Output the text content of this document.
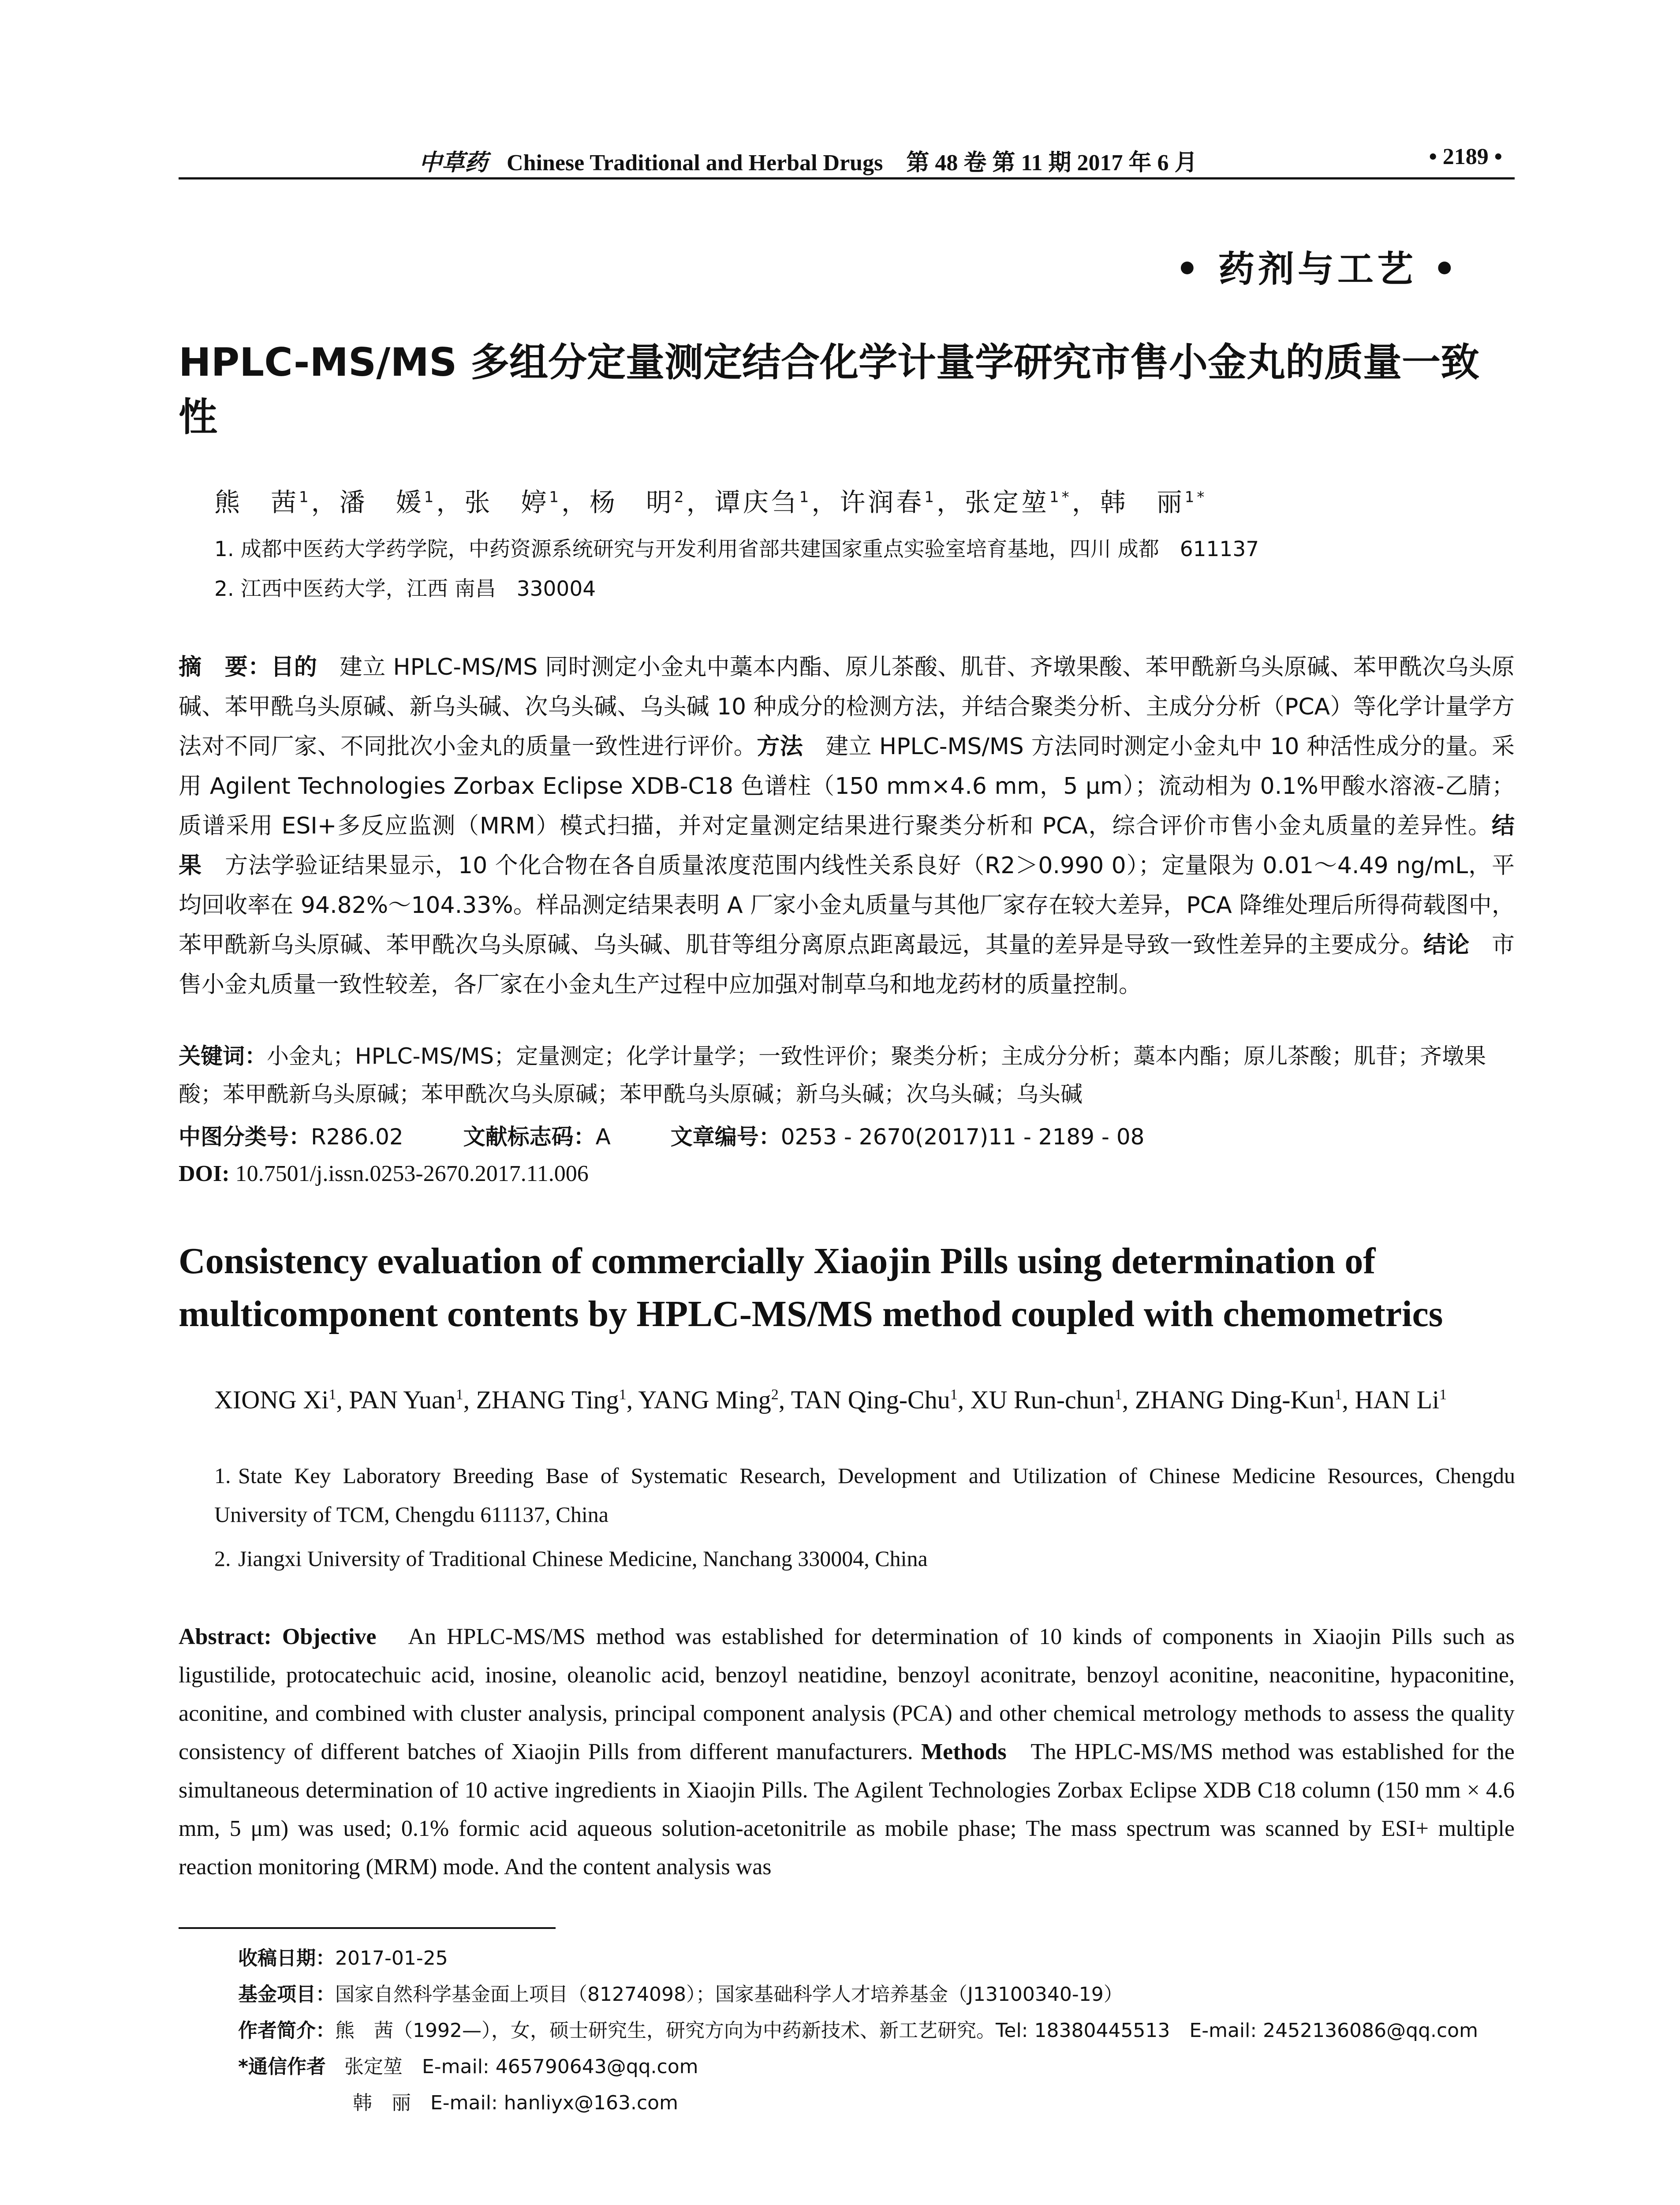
中草药 Chinese Traditional and Herbal Drugs 第 48 卷 第 11 期 2017 年 6 月	• 2189 •
• 药剂与工艺 •
HPLC-MS/MS 多组分定量测定结合化学计量学研究市售小金丸的质量一致性
熊　茜$^1$，潘　媛$^1$，张　婷$^1$，杨　明$^2$，谭庆刍$^1$，许润春$^1$，张定堃$^{1*}$，韩　丽$^{1*}$
1. 成都中医药大学药学院，中药资源系统研究与开发利用省部共建国家重点实验室培育基地，四川 成都　611137
2. 江西中医药大学，江西 南昌　330004
摘　要：目的 建立 HPLC-MS/MS 同时测定小金丸中藁本内酯、原儿茶酸、肌苷、齐墩果酸、苯甲酰新乌头原碱、苯甲酰次乌头原碱、苯甲酰乌头原碱、新乌头碱、次乌头碱、乌头碱 10 种成分的检测方法，并结合聚类分析、主成分分析（PCA）等化学计量学方法对不同厂家、不同批次小金丸的质量一致性进行评价。方法 建立 HPLC-MS/MS 方法同时测定小金丸中 10 种活性成分的量。采用 Agilent Technologies Zorbax Eclipse XDB-C18 色谱柱（150 mm×4.6 mm，5 μm）；流动相为 0.1%甲酸水溶液-乙腈；质谱采用 ESI+多反应监测（MRM）模式扫描，并对定量测定结果进行聚类分析和 PCA，综合评价市售小金丸质量的差异性。结果 方法学验证结果显示，10 个化合物在各自质量浓度范围内线性关系良好（R2＞0.990 0）；定量限为 0.01～4.49 ng/mL，平均回收率在 94.82%～104.33%。样品测定结果表明 A 厂家小金丸质量与其他厂家存在较大差异，PCA 降维处理后所得荷载图中，苯甲酰新乌头原碱、苯甲酰次乌头原碱、乌头碱、肌苷等组分离原点距离最远，其量的差异是导致一致性差异的主要成分。结论 市售小金丸质量一致性较差，各厂家在小金丸生产过程中应加强对制草乌和地龙药材的质量控制。
关键词：小金丸；HPLC-MS/MS；定量测定；化学计量学；一致性评价；聚类分析；主成分分析；藁本内酯；原儿茶酸；肌苷；齐墩果酸；苯甲酰新乌头原碱；苯甲酰次乌头原碱；苯甲酰乌头原碱；新乌头碱；次乌头碱；乌头碱
中图分类号：R286.02	文献标志码：A	文章编号：0253 - 2670(2017)11 - 2189 - 08
DOI: 10.7501/j.issn.0253-2670.2017.11.006
Consistency evaluation of commercially Xiaojin Pills using determination of multicomponent contents by HPLC-MS/MS method coupled with chemometrics
XIONG Xi$^1$, PAN Yuan$^1$, ZHANG Ting$^1$, YANG Ming$^2$, TAN Qing-Chu$^1$, XU Run-chun$^1$, ZHANG Ding-Kun$^1$, HAN Li$^1$
1. State Key Laboratory Breeding Base of Systematic Research, Development and Utilization of Chinese Medicine Resources, Chengdu University of TCM, Chengdu 611137, China
2. Jiangxi University of Traditional Chinese Medicine, Nanchang 330004, China
Abstract: Objective An HPLC-MS/MS method was established for determination of 10 kinds of components in Xiaojin Pills such as ligustilide, protocatechuic acid, inosine, oleanolic acid, benzoyl neatidine, benzoyl aconitrate, benzoyl aconitine, neaconitine, hypaconitine, aconitine, and combined with cluster analysis, principal component analysis (PCA) and other chemical metrology methods to assess the quality consistency of different batches of Xiaojin Pills from different manufacturers. Methods The HPLC-MS/MS method was established for the simultaneous determination of 10 active ingredients in Xiaojin Pills. The Agilent Technologies Zorbax Eclipse XDB C18 column (150 mm × 4.6 mm, 5 μm) was used; 0.1% formic acid aqueous solution-acetonitrile as mobile phase; The mass spectrum was scanned by ESI+ multiple reaction monitoring (MRM) mode. And the content analysis was
收稿日期：2017-01-25
基金项目：国家自然科学基金面上项目（81274098）；国家基础科学人才培养基金（J13100340-19）
作者简介：熊　茜（1992—），女，硕士研究生，研究方向为中药新技术、新工艺研究。Tel: 18380445513　E-mail: 2452136086@qq.com
*通信作者 张定堃　E-mail: 465790643@qq.com
韩　丽　E-mail: hanliyx@163.com
